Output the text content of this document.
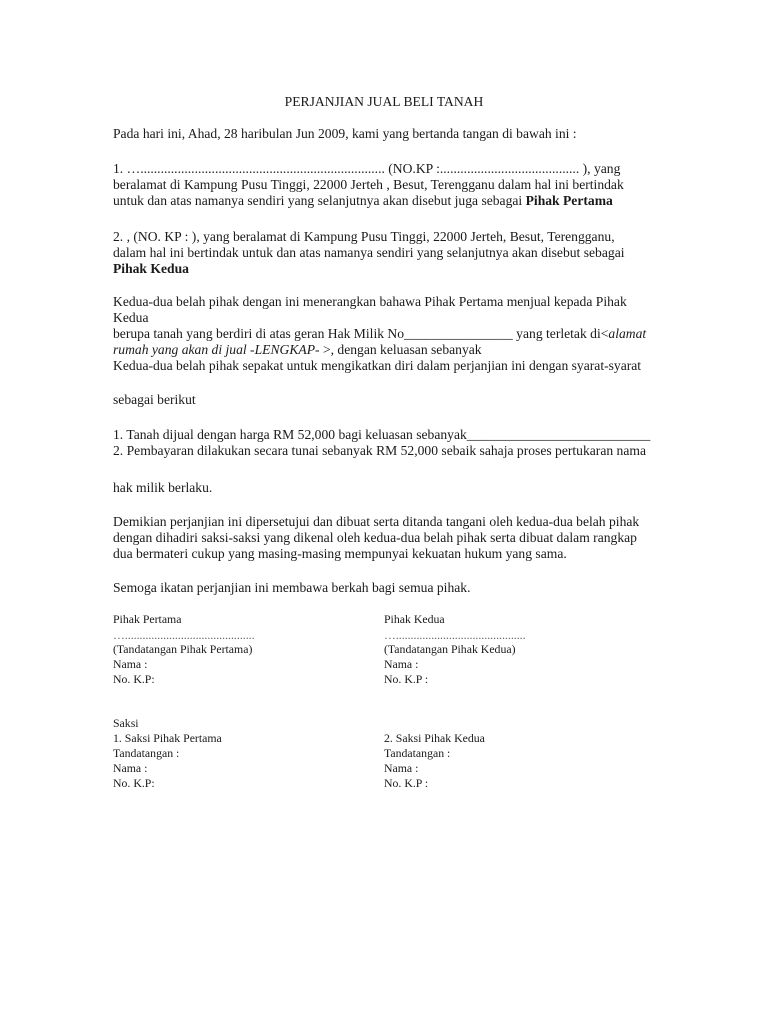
PERJANJIAN JUAL BELI TANAH
Pada hari ini, Ahad, 28 haribulan Jun 2009, kami yang bertanda tangan di bawah ini :
1. …........................................................................ (NO.KP :......................................... ), yang
beralamat di Kampung Pusu Tinggi, 22000 Jerteh , Besut, Terengganu dalam hal ini bertindak
untuk dan atas namanya sendiri yang selanjutnya akan disebut juga sebagai Pihak Pertama
2. , (NO. KP : ), yang beralamat di Kampung Pusu Tinggi, 22000 Jerteh, Besut, Terengganu,
dalam hal ini bertindak untuk dan atas namanya sendiri yang selanjutnya akan disebut sebagai
Pihak Kedua
Kedua-dua belah pihak dengan ini menerangkan bahawa Pihak Pertama menjual kepada Pihak
Kedua
berupa tanah yang berdiri di atas geran Hak Milik No________________ yang terletak di<alamat
rumah yang akan di jual -LENGKAP- >, dengan keluasan sebanyak
Kedua-dua belah pihak sepakat untuk mengikatkan diri dalam perjanjian ini dengan syarat-syarat
sebagai berikut
1. Tanah dijual dengan harga RM 52,000 bagi keluasan sebanyak___________________________
2. Pembayaran dilakukan secara tunai sebanyak RM 52,000 sebaik sahaja proses pertukaran nama
hak milik berlaku.
Demikian perjanjian ini dipersetujui dan dibuat serta ditanda tangani oleh kedua-dua belah pihak
dengan dihadiri saksi-saksi yang dikenal oleh kedua-dua belah pihak serta dibuat dalam rangkap
dua bermateri cukup yang masing-masing mempunyai kekuatan hukum yang sama.
Semoga ikatan perjanjian ini membawa berkah bagi semua pihak.
Pihak Pertama	Pihak Kedua
…............................................	…............................................
(Tandatangan Pihak Pertama)	(Tandatangan Pihak Kedua)
Nama :	Nama :
No. K.P:	No. K.P :
Saksi
1. Saksi Pihak Pertama	2. Saksi Pihak Kedua
Tandatangan :	Tandatangan :
Nama :	Nama :
No. K.P:	No. K.P :
